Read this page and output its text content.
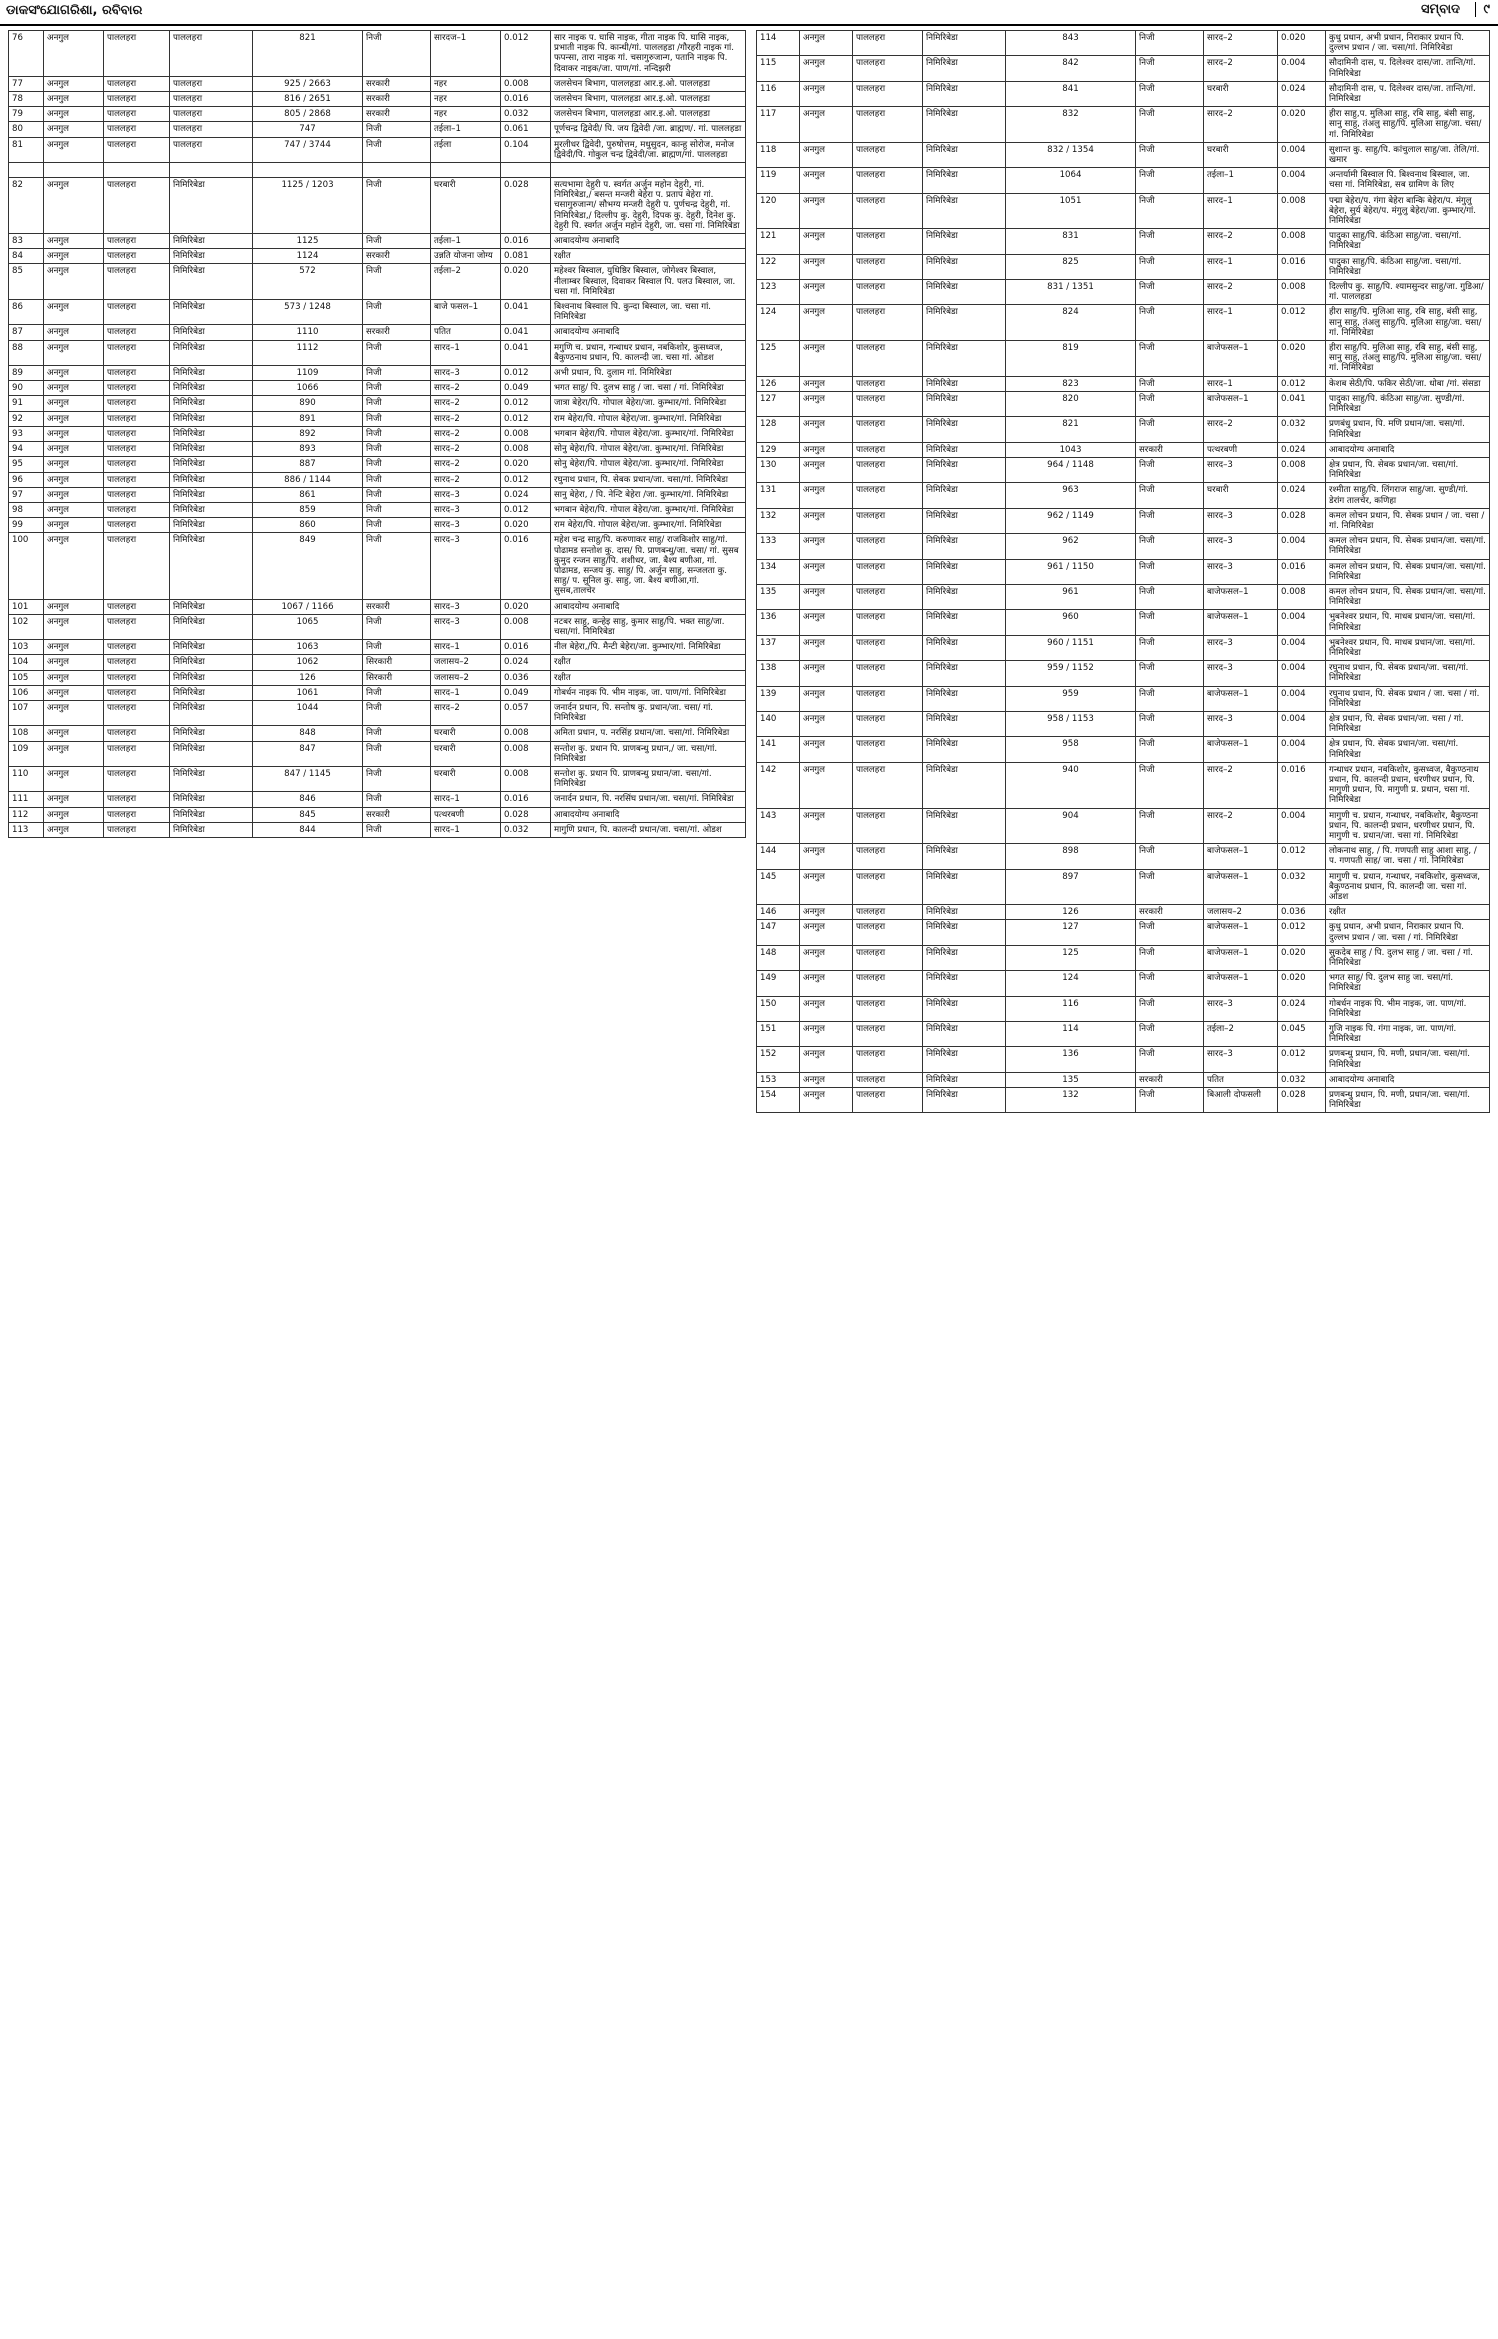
ଡାକସଂଯୋଗରିଶା, ରବିବାର	ସମ୍ବାଦ ୯
76	अनगुल	पाललहरा	पाललहरा	821	निजी	सारदज–1	0.012	सार नाइक प. घासि नाइक, गीता नाइक पि. घासि नाइक, प्रभाती नाइक पि. कान्धी/गां. पाललहडा /गौरहरी नाइक गां. फपन्सा, तारा नाइक गां. चसागुरुजान्ग, पतानि नाइक पि. दिवाकर नाइक/जा. पाण/गां. नन्दिझरी
77	अनगुल	पाललहरा	पाललहरा	925 / 2663	सरकारी	नहर	0.008	जलसेचन बिभाग, पाललहडा आर.इ.ओ. पाललहडा
78	अनगुल	पाललहरा	पाललहरा	816 / 2651	सरकारी	नहर	0.016	जलसेचन बिभाग, पाललहडा आर.इ.ओ. पाललहडा
79	अनगुल	पाललहरा	पाललहरा	805 / 2868	सरकारी	नहर	0.032	जलसेचन बिभाग, पाललहडा आर.इ.ओ. पाललहडा
80	अनगुल	पाललहरा	पाललहरा	747	निजी	तईला–1	0.061	पूर्णचन्द्र द्विवेदी/ पि. जय द्विवेदी /जा. ब्राह्मण/. गां. पाललहडा
81	अनगुल	पाललहरा	पाललहरा	747 / 3744	निजी	तईला	0.104	मुरलीधर द्विवेदी, पुरुषोत्तम, मधुसुदन, कान्हु सोरोज, मनोज द्विवेदी/पि. गोकुल चन्द्र द्विवेदी/जा. ब्राह्मण/गां. पाललहडा

82	अनगुल	पाललहरा	निमिरिबेडा	1125 / 1203	निजी	घरबारी	0.028	सत्यभामा देहुरी प. स्वर्गत अर्जुन महोन देहुरी, गां. निमिरिबेडा,/ बसन्त मन्जरी बेहेरा प. प्रताप बेहेरा गां. चसागुरुजान्ग/ सौभग्य मन्जरी देहुरी प. पुर्णचन्द्र देहुरी, गां. निमिरिबेडा,/ दिल्लीप कु. देहुरी, दिपक कु. देहुरी, दिनेश कु. देहुरी पि. स्वर्गत अर्जुन महोन देहुरी, जा. चसा गां. निमिरिबेडा
83	अनगुल	पाललहरा	निमिरिबेडा	1125	निजी	तईला–1	0.016	आबादयोग्य अनाबादि
84	अनगुल	पाललहरा	निमिरिबेडा	1124	सरकारी	उन्नति योजना जोग्य	0.081	रक्षीत
85	अनगुल	पाललहरा	निमिरिबेडा	572	निजी	तईला–2	0.020	महेश्वर बिस्वाल, युधिष्ठिर बिस्वाल, जोगेश्वर बिस्वाल, नीलाम्बर बिस्वाल, दिवाकर बिस्वाल पि. पलउ बिस्वाल, जा. चसा गां. निमिरिबेडा
86	अनगुल	पाललहरा	निमिरिबेडा	573 / 1248	निजी	बाजे फसल–1	0.041	बिश्वनाथ बिस्वाल पि. कुन्दा बिस्वाल, जा. चसा गां. निमिरिबेडा
87	अनगुल	पाललहरा	निमिरिबेडा	1110	सरकारी	पतित	0.041	आबादयोग्य अनाबादि
88	अनगुल	पाललहरा	निमिरिबेडा	1112	निजी	सारद–1	0.041	मगुणि च. प्रधान, गन्धाधर प्रधान, नबकिशोर, कुसध्वज, बैकुण्ठनाथ प्रधान, पि. कालन्दी जा. चसा गां. ओडश
89	अनगुल	पाललहरा	निमिरिबेडा	1109	निजी	सारद–3	0.012	अभी प्रधान, पि. दुलाम गां. निमिरिबेडा
90	अनगुल	पाललहरा	निमिरिबेडा	1066	निजी	सारद–2	0.049	भगत साहु/ पि. दुलभ साहु / जा. चसा / गां. निमिरिबेडा
91	अनगुल	पाललहरा	निमिरिबेडा	890	निजी	सारद–2	0.012	जात्रा बेहेरा/पि. गोपाल बेहेरा/जा. कुम्भार/गां. निमिरिबेडा
92	अनगुल	पाललहरा	निमिरिबेडा	891	निजी	सारद–2	0.012	राम बेहेरा/पि. गोपाल बेहेरा/जा. कुम्भार/गां. निमिरिबेडा
93	अनगुल	पाललहरा	निमिरिबेडा	892	निजी	सारद–2	0.008	भगबान बेहेरा/पि. गोपाल बेहेरा/जा. कुम्भार/गां. निमिरिबेडा
94	अनगुल	पाललहरा	निमिरिबेडा	893	निजी	सारद–2	0.008	सोनु बेहेरा/पि. गोपाल बेहेरा/जा. कुम्भार/गां. निमिरिबेडा
95	अनगुल	पाललहरा	निमिरिबेडा	887	निजी	सारद–2	0.020	सोनु बेहेरा/पि. गोपाल बेहेरा/जा. कुम्भार/गां. निमिरिबेडा
96	अनगुल	पाललहरा	निमिरिबेडा	886 / 1144	निजी	सारद–2	0.012	रघुनाथ प्रधान, पि. सेबक प्रधान/जा. चसा/गां. निमिरिबेडा
97	अनगुल	पाललहरा	निमिरिबेडा	861	निजी	सारद–3	0.024	सानु बेहेरा, / पि. नेन्टि बेहेरा /जा. कुम्भार/गां. निमिरिबेडा
98	अनगुल	पाललहरा	निमिरिबेडा	859	निजी	सारद–3	0.012	भगबान बेहेरा/पि. गोपाल बेहेरा/जा. कुम्भार/गां. निमिरिबेडा
99	अनगुल	पाललहरा	निमिरिबेडा	860	निजी	सारद–3	0.020	राम बेहेरा/पि. गोपाल बेहेरा/जा. कुम्भार/गां. निमिरिबेडा
100	अनगुल	पाललहरा	निमिरिबेडा	849	निजी	सारद–3	0.016	महेश चन्द्र साहु/पि. करुणाकर साहु/ राजकिशोर साहु/गां. पोढामड सन्तोश कु. दास/ पि. प्राणबन्धु/जा. चसा/ गां. सुसब कुमुद रन्जन साहु/पि. शशीधर, जा. बैश्य बणीआ, गां. पोढामड, सन्जय कु. साहु/ पि. अर्जुन साहु, सन्जलता कु. साहु/ प. सुनिल कु. साहु, जा. बैश्य बणीआ,गां. सुसब,तालचेर
101	अनगुल	पाललहरा	निमिरिबेडा	1067 / 1166	सरकारी	सारद–3	0.020	आबादयोग्य अनाबादि
102	अनगुल	पाललहरा	निमिरिबेडा	1065	निजी	सारद–3	0.008	नटबर साहु, कन्हेइ साहु, कुमार साहु/पि. भक्त साहु/जा. चसा/गां. निमिरिबेडा
103	अनगुल	पाललहरा	निमिरिबेडा	1063	निजी	सारद–1	0.016	नील बेहेरा,/पि. मैन्टी बेहेरा/जा. कुम्भार/गां. निमिरिबेडा
104	अनगुल	पाललहरा	निमिरिबेडा	1062	सिरकारी	जलासय–2	0.024	रक्षीत
105	अनगुल	पाललहरा	निमिरिबेडा	126	सिरकारी	जलासय–2	0.036	रक्षीत
106	अनगुल	पाललहरा	निमिरिबेडा	1061	निजी	सारद–1	0.049	गोबर्धन नाइक पि. भीम नाइक, जा. पाण/गां. निमिरिबेडा
107	अनगुल	पाललहरा	निमिरिबेडा	1044	निजी	सारद–2	0.057	जनार्दन प्रधान, पि. सन्तोष कु. प्रधान/जा. चसा/ गां. निमिरिबेडा
108	अनगुल	पाललहरा	निमिरिबेडा	848	निजी	घरबारी	0.008	अमिता प्रधान, प. नरसिंह प्रधान/जा. चसा/गां. निमिरिबेडा
109	अनगुल	पाललहरा	निमिरिबेडा	847	निजी	घरबारी	0.008	सन्तोश कु. प्रधान पि. प्राणबन्धु प्रधान,/ जा. चसा/गां. निमिरिबेडा
110	अनगुल	पाललहरा	निमिरिबेडा	847 / 1145	निजी	घरबारी	0.008	सन्तोश कु. प्रधान पि. प्राणबन्धु प्रधान/जा. चसा/गां. निमिरिबेडा
111	अनगुल	पाललहरा	निमिरिबेडा	846	निजी	सारद–1	0.016	जनार्दन प्रधान, पि. नरसिंघ प्रधान/जा. चसा/गां. निमिरिबेडा
112	अनगुल	पाललहरा	निमिरिबेडा	845	सरकारी	पत्थरबणी	0.028	आबादयोग्य अनाबादि
113	अनगुल	पाललहरा	निमिरिबेडा	844	निजी	सारद–1	0.032	मागुणि प्रधान, पि. कालन्दी प्रधान/जा. चसा/गां. ओडश
114	अनगुल	पाललहरा	निमिरिबेडा	843	निजी	सारद–2	0.020	कुधु प्रधान, अभी प्रधान, निराकार प्रधान पि. दुल्लभ प्रधान / जा. चसा/गां. निमिरिबेडा
115	अनगुल	पाललहरा	निमिरिबेडा	842	निजी	सारद–2	0.004	सौदामिनी दास, प. दिलेश्वर दास/जा. तान्ति/गां. निमिरिबेडा
116	अनगुल	पाललहरा	निमिरिबेडा	841	निजी	घरबारी	0.024	सौदामिनी दास, प. दिलेश्वर दास/जा. तान्ति/गां. निमिरिबेडा
117	अनगुल	पाललहरा	निमिरिबेडा	832	निजी	सारद–2	0.020	हीरा साहु,प. मुलिआ साहु, रबि साहु, बंसी साहु, सानु साहु, तंअलु साहु/पि. मुलिआ साहु/जा. चसा/ गां. निमिरिबेडा
118	अनगुल	पाललहरा	निमिरिबेडा	832 / 1354	निजी	घरबारी	0.004	सुशान्त कु. साहु/पि. कांचुलाल साहु/जा. तेलि/गां. खमार
119	अनगुल	पाललहरा	निमिरिबेडा	1064	निजी	तईला–1	0.004	अन्तर्यामी बिस्वाल पि. बिश्वनाथ बिस्वाल, जा. चसा गां. निमिरिबेडा, सब ग्रामिण के लिए
120	अनगुल	पाललहरा	निमिरिबेडा	1051	निजी	सारद–1	0.008	पद्मा बेहेरा/प. गंगा बेहेरा बान्कि बेहेरा/प. मंगुलु बेहेरा, सुर्य बेहेरा/प. मंगुलु बेहेरा/जा. कुम्भार/गां. निमिरिबेडा
121	अनगुल	पाललहरा	निमिरिबेडा	831	निजी	सारद–2	0.008	पादुका साहु/पि. कंठिआ साहु/जा. चसा/गां. निमिरिबेडा
122	अनगुल	पाललहरा	निमिरिबेडा	825	निजी	सारद–1	0.016	पादुका साहु/पि. कंठिआ साहु/जा. चसा/गां. निमिरिबेडा
123	अनगुल	पाललहरा	निमिरिबेडा	831 / 1351	निजी	सारद–2	0.008	दिल्लीप कु. साहु/पि. श्यामसुन्दर साहु/जा. गुडिआ/गां. पाललहडा
124	अनगुल	पाललहरा	निमिरिबेडा	824	निजी	सारद–1	0.012	हीरा साहु/पि. मुलिआ साहु, रबि साहु, बंसी साहु, सानु साहु, तंअलु साहु/पि. मुलिआ साहु/जा. चसा/गां. निमिरिबेडा
125	अनगुल	पाललहरा	निमिरिबेडा	819	निजी	बाजेफसल–1	0.020	हीरा साहु/पि. मुलिआ साहु, रबि साहु, बंसी साहु, सानु साहु, तंअलु साहु/पि. मुलिआ साहु/जा. चसा/गां. निमिरिबेडा
126	अनगुल	पाललहरा	निमिरिबेडा	823	निजी	सारद–1	0.012	केशब सेठी/पि. फकिर सेठी/जा. धोबा /गां. संसडा
127	अनगुल	पाललहरा	निमिरिबेडा	820	निजी	बाजेफसल–1	0.041	पादुका साहु/पि. कंठिआ साहु/जा. सुण्डी/गां. निमिरिबेडा
128	अनगुल	पाललहरा	निमिरिबेडा	821	निजी	सारद–2	0.032	प्रणबंधु प्रधान, पि. मणि प्रधान/जा. चसा/गां. निमिरिबेडा
129	अनगुल	पाललहरा	निमिरिबेडा	1043	सरकारी	पत्थरबणी	0.024	आबादयोग्य अनाबादि
130	अनगुल	पाललहरा	निमिरिबेडा	964 / 1148	निजी	सारद–3	0.008	क्षेत्र प्रधान, पि. सेबक प्रधान/जा. चसा/गां. निमिरिबेडा
131	अनगुल	पाललहरा	निमिरिबेडा	963	निजी	घरबारी	0.024	रश्मीता साहु/पि. लिंगराज साहु/जा. सुण्डी/गां. डेरांग तालचेर, कणिहा
132	अनगुल	पाललहरा	निमिरिबेडा	962 / 1149	निजी	सारद–3	0.028	कमल लोचन प्रधान, पि. सेबक प्रधान / जा. चसा / गां. निमिरिबेडा
133	अनगुल	पाललहरा	निमिरिबेडा	962	निजी	सारद–3	0.004	कमल लोचन प्रधान, पि. सेबक प्रधान/जा. चसा/गां. निमिरिबेडा
134	अनगुल	पाललहरा	निमिरिबेडा	961 / 1150	निजी	सारद–3	0.016	कमल लोचन प्रधान, पि. सेबक प्रधान/जा. चसा/गां. निमिरिबेडा
135	अनगुल	पाललहरा	निमिरिबेडा	961	निजी	बाजेफसल–1	0.008	कमल लोचन प्रधान, पि. सेबक प्रधान/जा. चसा/गां. निमिरिबेडा
136	अनगुल	पाललहरा	निमिरिबेडा	960	निजी	बाजेफसल–1	0.004	भुबनेश्वर प्रधान, पि. माधब प्रधान/जा. चसा/गां. निमिरिबेडा
137	अनगुल	पाललहरा	निमिरिबेडा	960 / 1151	निजी	सारद–3	0.004	भुबनेश्वर प्रधान, पि. माधब प्रधान/जा. चसा/गां. निमिरिबेडा
138	अनगुल	पाललहरा	निमिरिबेडा	959 / 1152	निजी	सारद–3	0.004	रघुनाथ प्रधान, पि. सेबक प्रधान/जा. चसा/गां. निमिरिबेडा
139	अनगुल	पाललहरा	निमिरिबेडा	959	निजी	बाजेफसल–1	0.004	रघुनाथ प्रधान, पि. सेबक प्रधान / जा. चसा / गां. निमिरिबेडा
140	अनगुल	पाललहरा	निमिरिबेडा	958 / 1153	निजी	सारद–3	0.004	क्षेत्र प्रधान, पि. सेबक प्रधान/जा. चसा / गां. निमिरिबेडा
141	अनगुल	पाललहरा	निमिरिबेडा	958	निजी	बाजेफसल–1	0.004	क्षेत्र प्रधान, पि. सेबक प्रधान/जा. चसा/गां. निमिरिबेडा
142	अनगुल	पाललहरा	निमिरिबेडा	940	निजी	सारद–2	0.016	गन्धाधर प्रधान, नबकिशोर, कुसध्वज, बैकुण्ठनाथ प्रधान, पि. कालन्दी प्रधान, धरणीधर प्रधान, पि. मागुणी प्रधान, पि. मागुणी प्र. प्रधान, चसा गां. निमिरिबेडा
143	अनगुल	पाललहरा	निमिरिबेडा	904	निजी	सारद–2	0.004	मागुणी च. प्रधान, गन्धाधर, नबकिशोर, बैकुण्ठना प्रधान, पि. कालन्दी प्रधान, धरणीधर प्रधान, पि. मागुणी च. प्रधान/जा. चसा गां. निमिरिबेडा
144	अनगुल	पाललहरा	निमिरिबेडा	898	निजी	बाजेफसल–1	0.012	लोकनाथ साहु, / पि. गणपती साहु आशा साहु, / प. गणपती साह/ जा. चसा / गां. निमिरिबेडा
145	अनगुल	पाललहरा	निमिरिबेडा	897	निजी	बाजेफसल–1	0.032	मागुणी च. प्रधान, गन्धाधर, नबकिशोर, कुसध्वज, बैकुण्ठनाथ प्रधान, पि. कालन्दी जा. चसा गां. ओडश
146	अनगुल	पाललहरा	निमिरिबेडा	126	सरकारी	जलासय–2	0.036	रक्षीत
147	अनगुल	पाललहरा	निमिरिबेडा	127	निजी	बाजेफसल–1	0.012	कुधु प्रधान, अभी प्रधान, निराकार प्रधान पि. दुल्लभ प्रधान / जा. चसा / गां. निमिरिबेडा
148	अनगुल	पाललहरा	निमिरिबेडा	125	निजी	बाजेफसल–1	0.020	सुकदेब साहु / पि. दुलभ साहु / जा. चसा / गां. निमिरिबेडा
149	अनगुल	पाललहरा	निमिरिबेडा	124	निजी	बाजेफसल–1	0.020	भगत साहु/ पि. दुलभ साहु जा. चसा/गां. निमिरिबेडा
150	अनगुल	पाललहरा	निमिरिबेडा	116	निजी	सारद–3	0.024	गोबर्धन नाइक पि. भीम नाइक, जा. पाण/गां. निमिरिबेडा
151	अनगुल	पाललहरा	निमिरिबेडा	114	निजी	तईला–2	0.045	गुजि नाइक पि. गंगा नाइक, जा. पाण/गां. निमिरिबेडा
152	अनगुल	पाललहरा	निमिरिबेडा	136	निजी	सारद–3	0.012	प्रणबन्धु प्रधान, पि. मणी, प्रधान/जा. चसा/गां. निमिरिबेडा
153	अनगुल	पाललहरा	निमिरिबेडा	135	सरकारी	पतित	0.032	आबादयोग्य अनाबादि
154	अनगुल	पाललहरा	निमिरिबेडा	132	निजी	बिआली दोफसली	0.028	प्रणबन्धु प्रधान, पि. मणी, प्रधान/जा. चसा/गां. निमिरिबेडा
